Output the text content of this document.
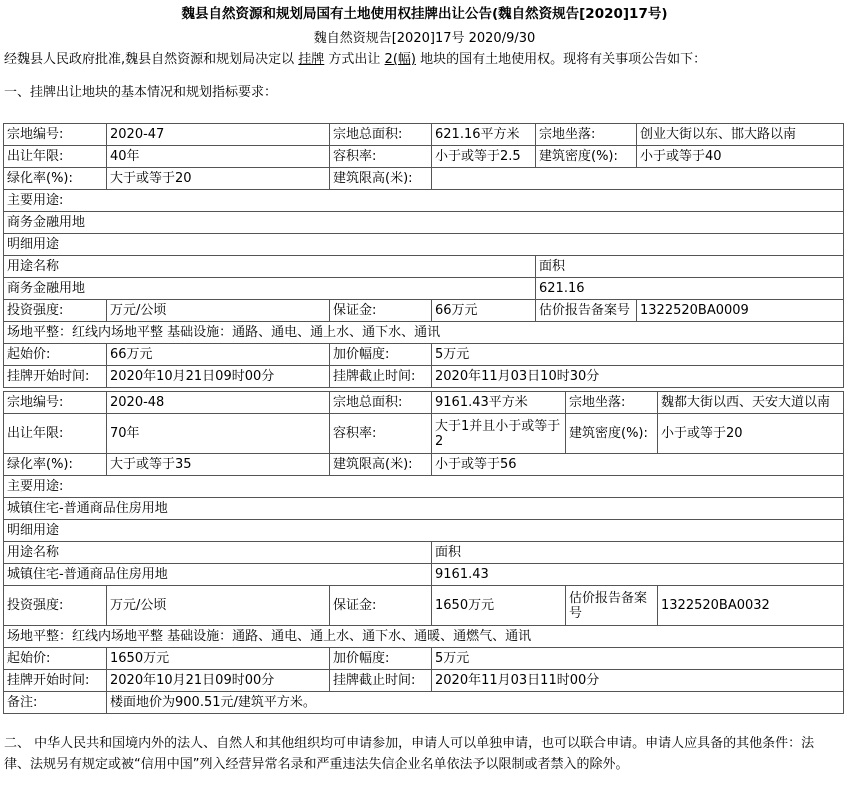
魏县自然资源和规划局国有土地使用权挂牌出让公告(魏自然资规告[2020]17号)
魏自然资规告[2020]17号 2020/9/30
经魏县人民政府批准,魏县自然资源和规划局决定以 挂牌 方式出让 2(幅) 地块的国有土地使用权。现将有关事项公告如下：
一、挂牌出让地块的基本情况和规划指标要求：
宗地编号:	2020-47	宗地总面积:	621.16平方米	宗地坐落:	创业大街以东、邯大路以南
出让年限:	40年	容积率:	小于或等于2.5	建筑密度(%):	小于或等于40
绿化率(%):	大于或等于20	建筑限高(米):			
主要用途:					
商务金融用地					
明细用途					
用途名称				面积	
商务金融用地				621.16	
投资强度:	万元/公顷	保证金:	66万元	估价报告备案号	1322520BA0009
场地平整：红线内场地平整 基础设施：通路、通电、通上水、通下水、通讯					
起始价:	66万元	加价幅度:	5万元		
挂牌开始时间:	2020年10月21日09时00分	挂牌截止时间:	2020年11月03日10时30分		
宗地编号:	2020-48	宗地总面积:	9161.43平方米	宗地坐落:	魏都大街以西、天安大道以南
出让年限:	70年	容积率:	大于1并且小于或等于2	建筑密度(%):	小于或等于20
绿化率(%):	大于或等于35	建筑限高(米):	小于或等于56		
主要用途:					
城镇住宅-普通商品住房用地					
明细用途					
用途名称			面积		
城镇住宅-普通商品住房用地			9161.43		
投资强度:	万元/公顷	保证金:	1650万元	估价报告备案号	1322520BA0032
场地平整：红线内场地平整 基础设施：通路、通电、通上水、通下水、通暖、通燃气、通讯					
起始价:	1650万元	加价幅度:	5万元		
挂牌开始时间:	2020年10月21日09时00分	挂牌截止时间:	2020年11月03日11时00分		
备注:	楼面地价为900.51元/建筑平方米。				
二、 中华人民共和国境内外的法人、自然人和其他组织均可申请参加，申请人可以单独申请，也可以联合申请。申请人应具备的其他条件：法律、法规另有规定或被“信用中国”列入经营异常名录和严重违法失信企业名单依法予以限制或者禁入的除外。
